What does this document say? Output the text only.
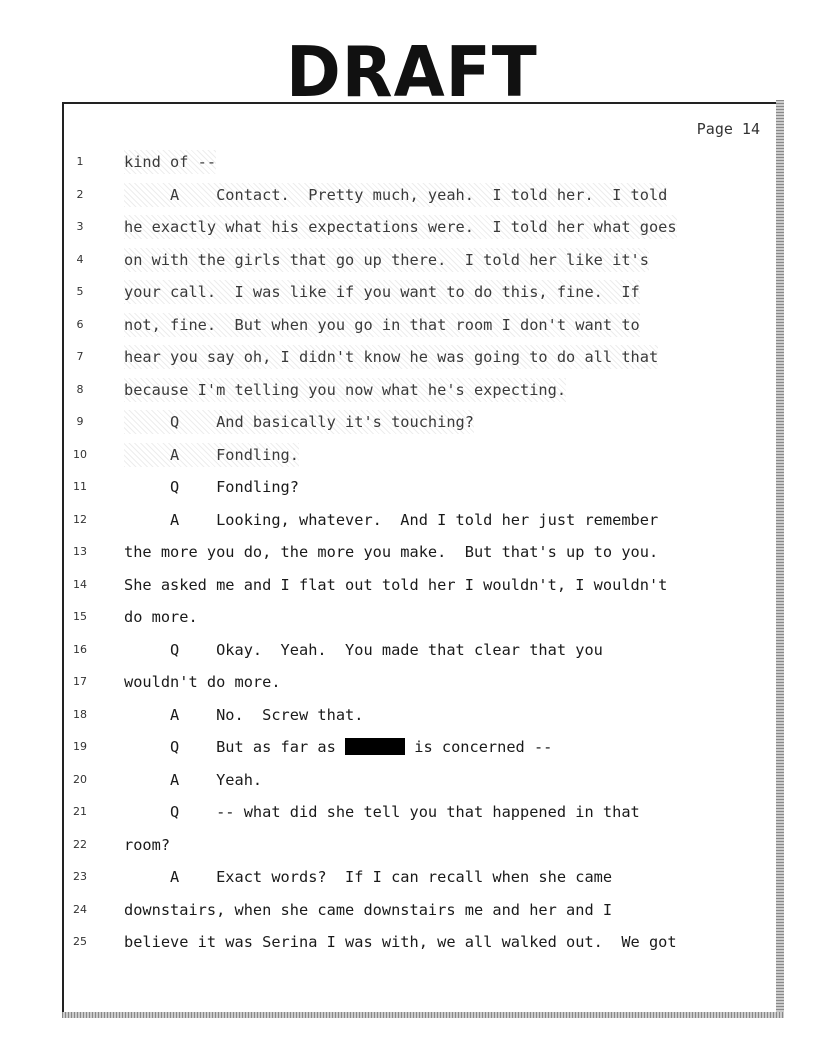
DRAFT
Page 14
1	kind of --
2	A    Contact.  Pretty much, yeah.  I told her.  I told
3	he exactly what his expectations were.  I told her what goes
4	on with the girls that go up there.  I told her like it's
5	your call.  I was like if you want to do this, fine.  If
6	not, fine.  But when you go in that room I don't want to
7	hear you say oh, I didn't know he was going to do all that
8	because I'm telling you now what he's expecting.
9	Q    And basically it's touching?
10	A    Fondling.
11	Q    Fondling?
12	A    Looking, whatever.  And I told her just remember
13	the more you do, the more you make.  But that's up to you.
14	She asked me and I flat out told her I wouldn't, I wouldn't
15	do more.
16	Q    Okay.  Yeah.  You made that clear that you
17	wouldn't do more.
18	A    No.  Screw that.
19	Q    But as far as	is concerned --
20	A    Yeah.
21	Q    -- what did she tell you that happened in that
22	room?
23	A    Exact words?  If I can recall when she came
24	downstairs, when she came downstairs me and her and I
25	believe it was Serina I was with, we all walked out.  We got
